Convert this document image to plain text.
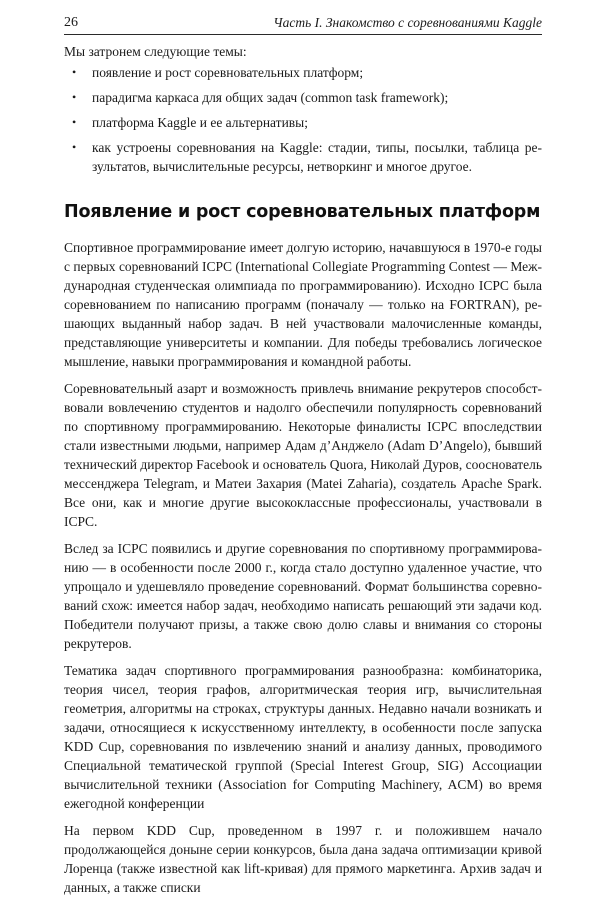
26	Часть I. Знакомство с соревнованиями Kaggle

Мы затронем следующие темы:

• появление и рост соревновательных платформ;
• парадигма каркаса для общих задач (common task framework);
• платформа Kaggle и ее альтернативы;
• как устроены соревнования на Kaggle: стадии, типы, посылки, таблица результатов, вычислительные ресурсы, нетворкинг и многое другое.
Появление и рост соревновательных платформ

Спортивное программирование имеет долгую историю, начавшуюся в 1970-е годы с первых соревнований ICPC (International Collegiate Programming Contest — Международная студенческая олимпиада по программированию). Исходно ICPC была соревнованием по написанию программ (поначалу — только на FORTRAN), решающих выданный набор задач. В ней участвовали малочисленные команды, представляющие университеты и компании. Для победы требовались логическое мышление, навыки программирования и командной работы.

Соревновательный азарт и возможность привлечь внимание рекрутеров способствовали вовлечению студентов и надолго обеспечили популярность соревнований по спортивному программированию. Некоторые финалисты ICPC впоследствии стали известными людьми, например Адам д’Анджело (Adam D’Angelo), бывший технический директор Facebook и основатель Quora, Николай Дуров, сооснователь мессенджера Telegram, и Матеи Захария (Matei Zaharia), создатель Apache Spark. Все они, как и многие другие высококлассные профессионалы, участвовали в ICPC.

Вслед за ICPC появились и другие соревнования по спортивному программированию — в особенности после 2000 г., когда стало доступно удаленное участие, что упрощало и удешевляло проведение соревнований. Формат большинства соревнований схож: имеется набор задач, необходимо написать решающий эти задачи код. Победители получают призы, а также свою долю славы и внимания со стороны рекрутеров.

Тематика задач спортивного программирования разнообразна: комбинаторика, теория чисел, теория графов, алгоритмическая теория игр, вычислительная геометрия, алгоритмы на строках, структуры данных. Недавно начали возникать и задачи, относящиеся к искусственному интеллекту, в особенности после запуска KDD Cup, соревнования по извлечению знаний и анализу данных, проводимого Специальной тематической группой (Special Interest Group, SIG) Ассоциации вычислительной техники (Association for Computing Machinery, ACM) во время ежегодной конференции

На первом KDD Cup, проведенном в 1997 г. и положившем начало продолжающейся доныне серии конкурсов, была дана задача оптимизации кривой Лоренца (также известной как lift-кривая) для прямого маркетинга. Архив задач и данных, а также списки
